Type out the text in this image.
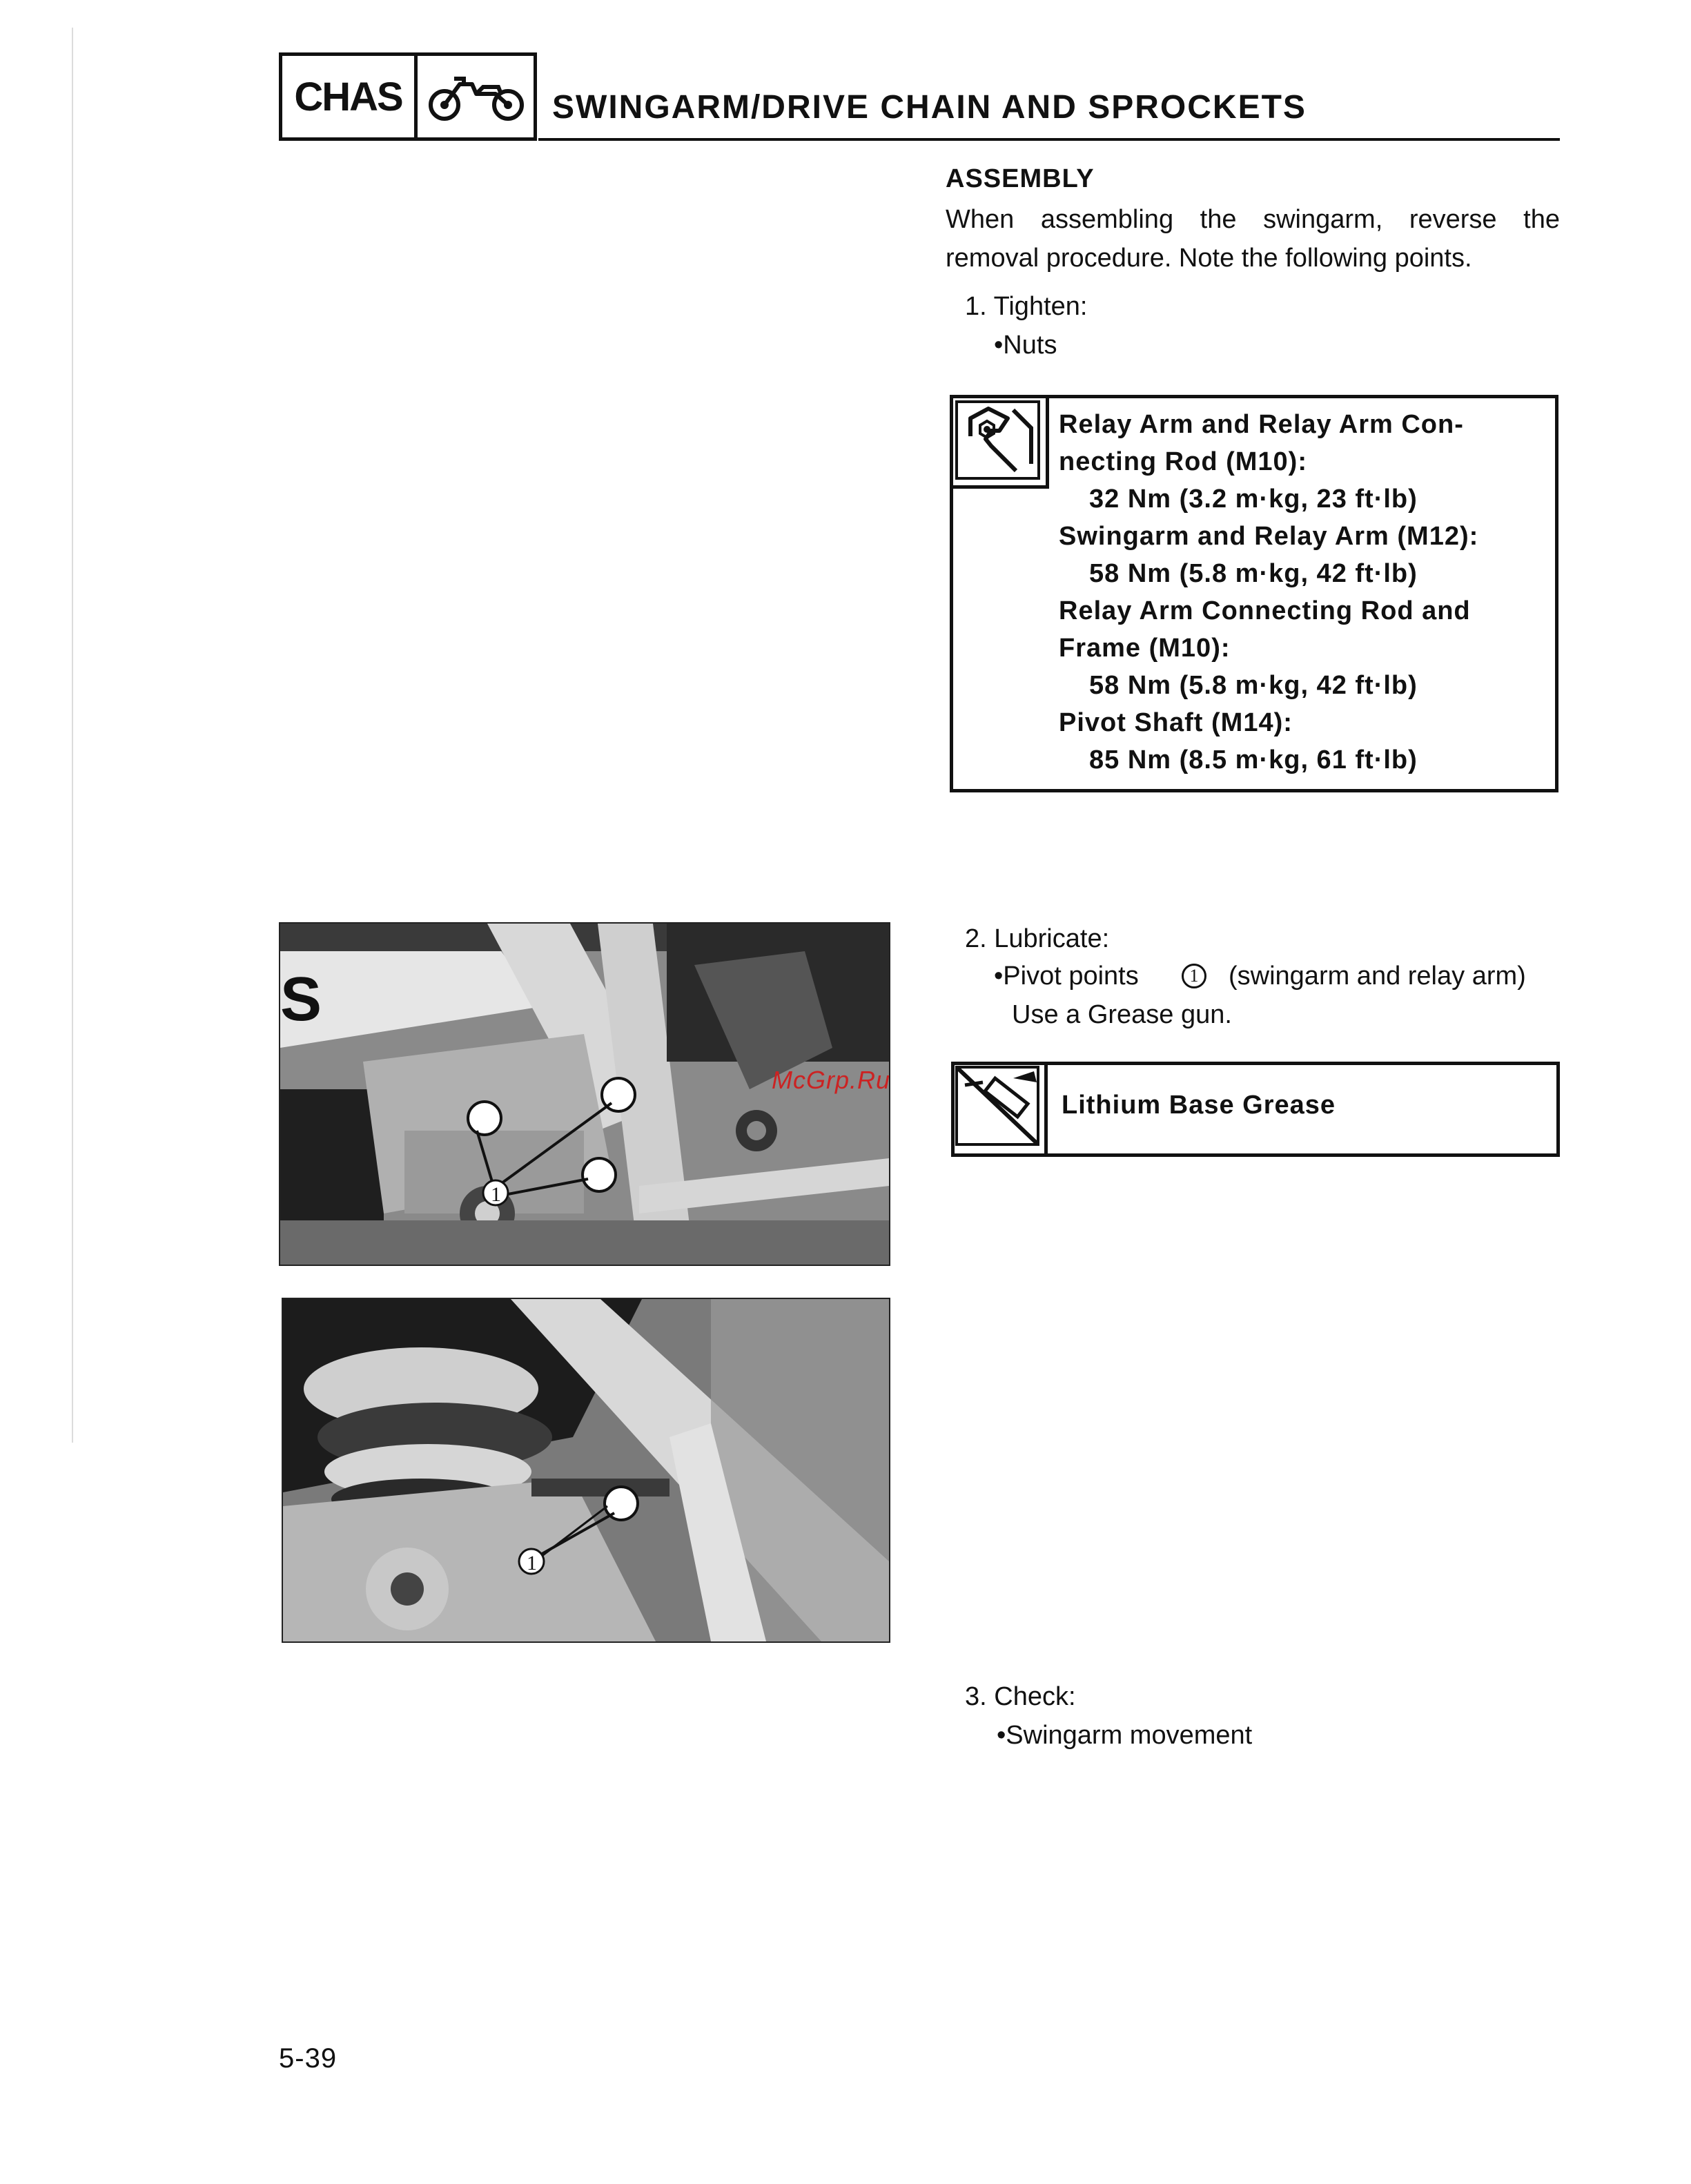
CHAS	SWINGARM/DRIVE CHAIN AND SPROCKETS
ASSEMBLY
When assembling the swingarm, reverse the removal procedure. Note the following points.
1. Tighten:
•Nuts
Relay Arm and Relay Arm Con-
necting Rod (M10):
32 Nm (3.2 m·kg, 23 ft·lb)
Swingarm and Relay Arm (M12):
58 Nm (5.8 m·kg, 42 ft·lb)
Relay Arm Connecting Rod and
Frame (M10):
58 Nm (5.8 m·kg, 42 ft·lb)
Pivot Shaft (M14):
85 Nm (8.5 m·kg, 61 ft·lb)
S
1
McGrp.Ru
2. Lubricate:
•Pivot points	1	(swingarm and relay arm)
Use a Grease gun.
Lithium Base Grease
1
3. Check:
•Swingarm movement
5-39
